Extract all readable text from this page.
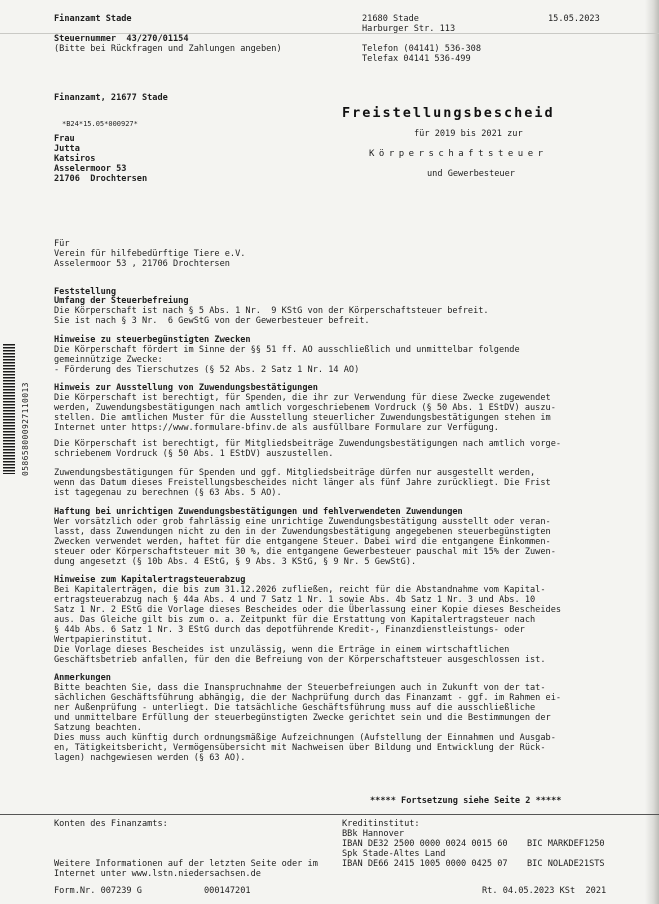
Finanzamt Stade
Steuernummer  43/270/01154
(Bitte bei Rückfragen und Zahlungen angeben)
21680 Stade
Harburger Str. 113
15.05.2023
Telefon (04141) 536-308
Telefax 04141 536-499
Finanzamt, 21677 Stade
*B24*15.05*000927*
Frau
Jutta
Katsiros
Asselermoor 53
21706  Drochtersen
Freistellungsbescheid
für 2019 bis 2021 zur
Körperschaftsteuer
und Gewerbesteuer
Für
Verein für hilfebedürftige Tiere e.V.
Asselermoor 53 , 21706 Drochtersen
058658000927110013
Feststellung
Umfang der Steuerbefreiung
Die Körperschaft ist nach § 5 Abs. 1 Nr.  9 KStG von der Körperschaftsteuer befreit.
Sie ist nach § 3 Nr.  6 GewStG von der Gewerbesteuer befreit.
Hinweise zu steuerbegünstigten Zwecken
Die Körperschaft fördert im Sinne der §§ 51 ff. AO ausschließlich und unmittelbar folgende
gemeinnützige Zwecke:
- Förderung des Tierschutzes (§ 52 Abs. 2 Satz 1 Nr. 14 AO)
Hinweis zur Ausstellung von Zuwendungsbestätigungen
Die Körperschaft ist berechtigt, für Spenden, die ihr zur Verwendung für diese Zwecke zugewendet
werden, Zuwendungsbestätigungen nach amtlich vorgeschriebenem Vordruck (§ 50 Abs. 1 EStDV) auszu-
stellen. Die amtlichen Muster für die Ausstellung steuerlicher Zuwendungsbestätigungen stehen im
Internet unter https://www.formulare-bfinv.de als ausfüllbare Formulare zur Verfügung.
Die Körperschaft ist berechtigt, für Mitgliedsbeiträge Zuwendungsbestätigungen nach amtlich vorge-
schriebenem Vordruck (§ 50 Abs. 1 EStDV) auszustellen.
Zuwendungsbestätigungen für Spenden und ggf. Mitgliedsbeiträge dürfen nur ausgestellt werden,
wenn das Datum dieses Freistellungsbescheides nicht länger als fünf Jahre zurückliegt. Die Frist
ist tagegenau zu berechnen (§ 63 Abs. 5 AO).
Haftung bei unrichtigen Zuwendungsbestätigungen und fehlverwendeten Zuwendungen
Wer vorsätzlich oder grob fahrlässig eine unrichtige Zuwendungsbestätigung ausstellt oder veran-
lasst, dass Zuwendungen nicht zu den in der Zuwendungsbestätigung angegebenen steuerbegünstigten
Zwecken verwendet werden, haftet für die entgangene Steuer. Dabei wird die entgangene Einkommen-
steuer oder Körperschaftsteuer mit 30 %, die entgangene Gewerbesteuer pauschal mit 15% der Zuwen-
dung angesetzt (§ 10b Abs. 4 EStG, § 9 Abs. 3 KStG, § 9 Nr. 5 GewStG).
Hinweise zum Kapitalertragsteuerabzug
Bei Kapitalerträgen, die bis zum 31.12.2026 zufließen, reicht für die Abstandnahme vom Kapital-
ertragsteuerabzug nach § 44a Abs. 4 und 7 Satz 1 Nr. 1 sowie Abs. 4b Satz 1 Nr. 3 und Abs. 10
Satz 1 Nr. 2 EStG die Vorlage dieses Bescheides oder die Überlassung einer Kopie dieses Bescheides
aus. Das Gleiche gilt bis zum o. a. Zeitpunkt für die Erstattung von Kapitalertragsteuer nach
§ 44b Abs. 6 Satz 1 Nr. 3 EStG durch das depotführende Kredit-, Finanzdienstleistungs- oder
Wertpapierinstitut.
Die Vorlage dieses Bescheides ist unzulässig, wenn die Erträge in einem wirtschaftlichen
Geschäftsbetrieb anfallen, für den die Befreiung von der Körperschaftsteuer ausgeschlossen ist.
Anmerkungen
Bitte beachten Sie, dass die Inanspruchnahme der Steuerbefreiungen auch in Zukunft von der tat-
sächlichen Geschäftsführung abhängig, die der Nachprüfung durch das Finanzamt - ggf. im Rahmen ei-
ner Außenprüfung - unterliegt. Die tatsächliche Geschäftsführung muss auf die ausschließliche
und unmittelbare Erfüllung der steuerbegünstigten Zwecke gerichtet sein und die Bestimmungen der
Satzung beachten.
Dies muss auch künftig durch ordnungsmäßige Aufzeichnungen (Aufstellung der Einnahmen und Ausgab-
en, Tätigkeitsbericht, Vermögensübersicht mit Nachweisen über Bildung und Entwicklung der Rück-
lagen) nachgewiesen werden (§ 63 AO).
***** Fortsetzung siehe Seite 2 *****
Konten des Finanzamts:	Kreditinstitut:
BBk Hannover
IBAN DE32 2500 0000 0024 0015 60 BIC MARKDEF1250
Spk Stade-Altes Land
IBAN DE66 2415 1005 0000 0425 07 BIC NOLADE21STS
Weitere Informationen auf der letzten Seite oder im
Internet unter www.lstn.niedersachsen.de
Form.Nr. 007239 G	000147201	Rt. 04.05.2023 KSt  2021
